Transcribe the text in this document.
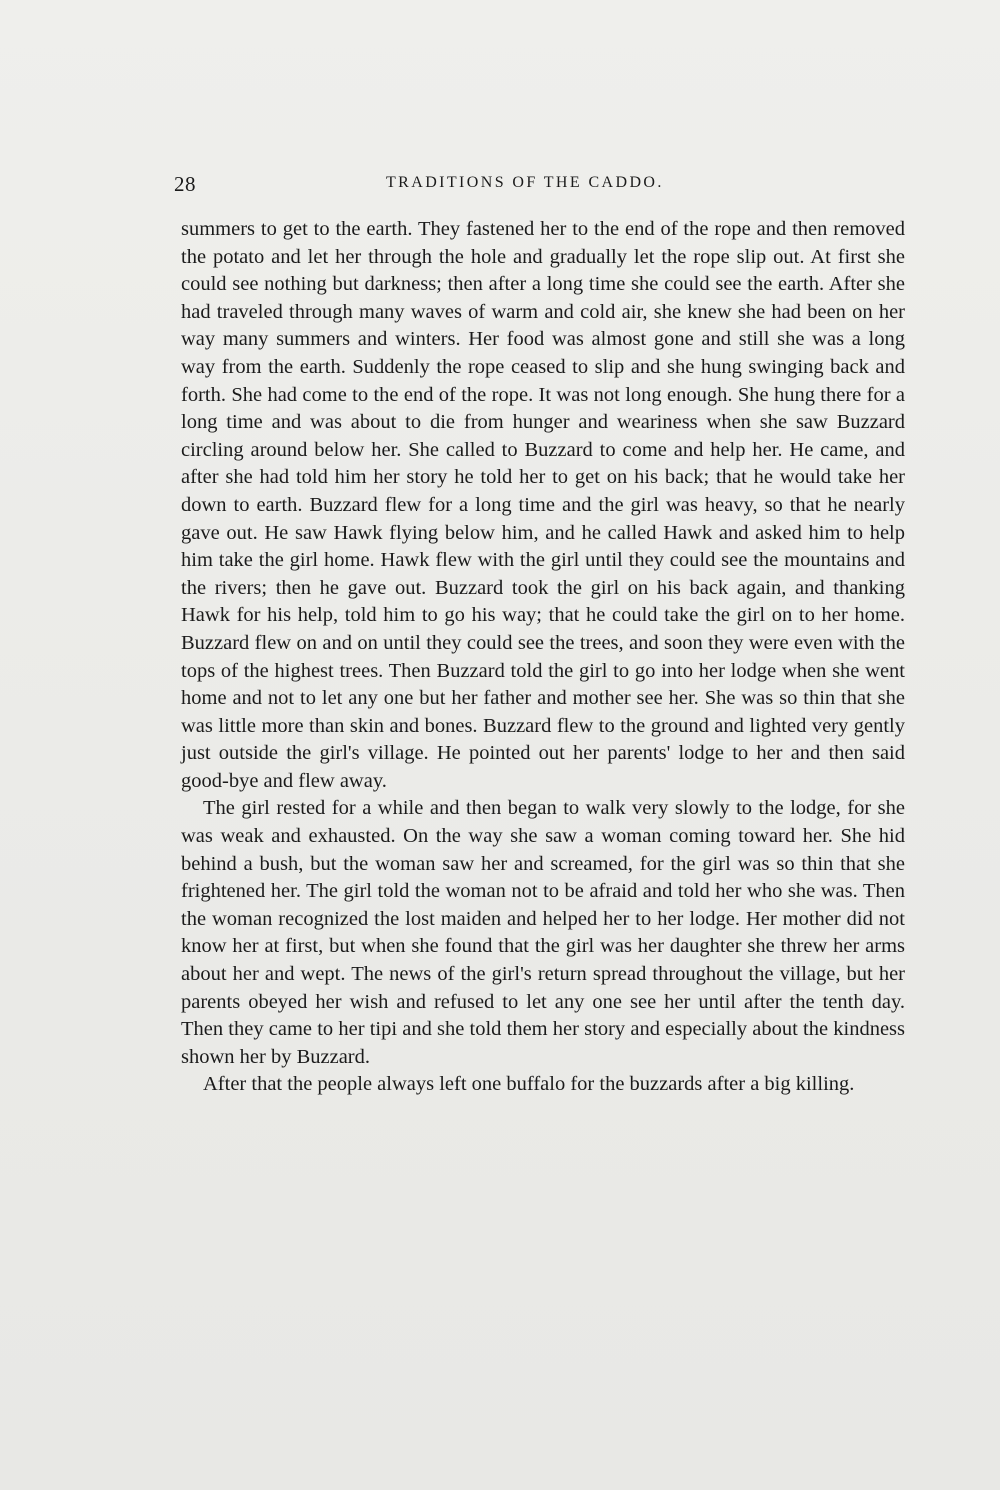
28	TRADITIONS OF THE CADDO.

summers to get to the earth. They fastened her to the end of the rope and then removed the potato and let her through the hole and gradually let the rope slip out. At first she could see nothing but darkness; then after a long time she could see the earth. After she had traveled through many waves of warm and cold air, she knew she had been on her way many summers and winters. Her food was almost gone and still she was a long way from the earth. Suddenly the rope ceased to slip and she hung swinging back and forth. She had come to the end of the rope. It was not long enough. She hung there for a long time and was about to die from hunger and weariness when she saw Buzzard circling around below her. She called to Buzzard to come and help her. He came, and after she had told him her story he told her to get on his back; that he would take her down to earth. Buzzard flew for a long time and the girl was heavy, so that he nearly gave out. He saw Hawk flying below him, and he called Hawk and asked him to help him take the girl home. Hawk flew with the girl until they could see the mountains and the rivers; then he gave out. Buzzard took the girl on his back again, and thanking Hawk for his help, told him to go his way; that he could take the girl on to her home. Buzzard flew on and on until they could see the trees, and soon they were even with the tops of the highest trees. Then Buzzard told the girl to go into her lodge when she went home and not to let any one but her father and mother see her. She was so thin that she was little more than skin and bones. Buzzard flew to the ground and lighted very gently just outside the girl's village. He pointed out her parents' lodge to her and then said good-bye and flew away.

The girl rested for a while and then began to walk very slowly to the lodge, for she was weak and exhausted. On the way she saw a woman coming toward her. She hid behind a bush, but the woman saw her and screamed, for the girl was so thin that she frightened her. The girl told the woman not to be afraid and told her who she was. Then the woman recognized the lost maiden and helped her to her lodge. Her mother did not know her at first, but when she found that the girl was her daughter she threw her arms about her and wept. The news of the girl's return spread throughout the village, but her parents obeyed her wish and refused to let any one see her until after the tenth day. Then they came to her tipi and she told them her story and especially about the kindness shown her by Buzzard.

After that the people always left one buffalo for the buzzards after a big killing.
